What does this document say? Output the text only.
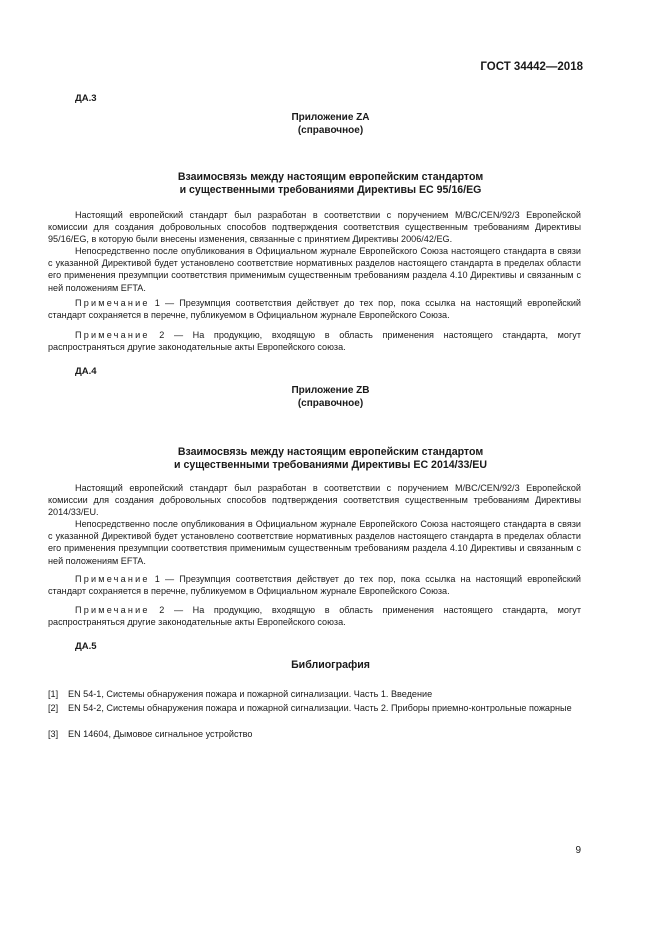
ГОСТ 34442—2018
ДА.3
Приложение ZA
(справочное)
Взаимосвязь между настоящим европейским стандартом
и существенными требованиями Директивы ЕС 95/16/EG

Настоящий европейский стандарт был разработан в соответствии с поручением M/BC/CEN/92/3 Европейской комиссии для создания добровольных способов подтверждения соответствия существенным требованиям Директивы 95/16/EG, в которую были внесены изменения, связанные с принятием Директивы 2006/42/EG.

Непосредственно после опубликования в Официальном журнале Европейского Союза настоящего стандарта в связи с указанной Директивой будет установлено соответствие нормативных разделов настоящего стандарта в пределах области его применения презумпции соответствия применимым существенным требованиям раздела 4.10 Директивы и связанным с ней положениям EFTA.

Примечание 1 — Презумпция соответствия действует до тех пор, пока ссылка на настоящий европейский стандарт сохраняется в перечне, публикуемом в Официальном журнале Европейского Союза.

Примечание 2 — На продукцию, входящую в область применения настоящего стандарта, могут распространяться другие законодательные акты Европейского союза.

ДА.4
Приложение ZB
(справочное)
Взаимосвязь между настоящим европейским стандартом
и существенными требованиями Директивы ЕС 2014/33/EU

Настоящий европейский стандарт был разработан в соответствии с поручением M/BC/CEN/92/3 Европейской комиссии для создания добровольных способов подтверждения соответствия существенным требованиям Директивы 2014/33/EU.

Непосредственно после опубликования в Официальном журнале Европейского Союза настоящего стандарта в связи с указанной Директивой будет установлено соответствие нормативных разделов настоящего стандарта в пределах области его применения презумпции соответствия применимым существенным требованиям раздела 4.10 Директивы и связанным с ней положениям EFTA.

Примечание 1 — Презумпция соответствия действует до тех пор, пока ссылка на настоящий европейский стандарт сохраняется в перечне, публикуемом в Официальном журнале Европейского Союза.

Примечание 2 — На продукцию, входящую в область применения настоящего стандарта, могут распространяться другие законодательные акты Европейского союза.

ДА.5
Библиография
[1]	EN 54-1, Системы обнаружения пожара и пожарной сигнализации. Часть 1. Введение
[2]	EN 54-2, Системы обнаружения пожара и пожарной сигнализации. Часть 2. Приборы приемно-контрольные пожарные
[3]	EN 14604, Дымовое сигнальное устройство
9
